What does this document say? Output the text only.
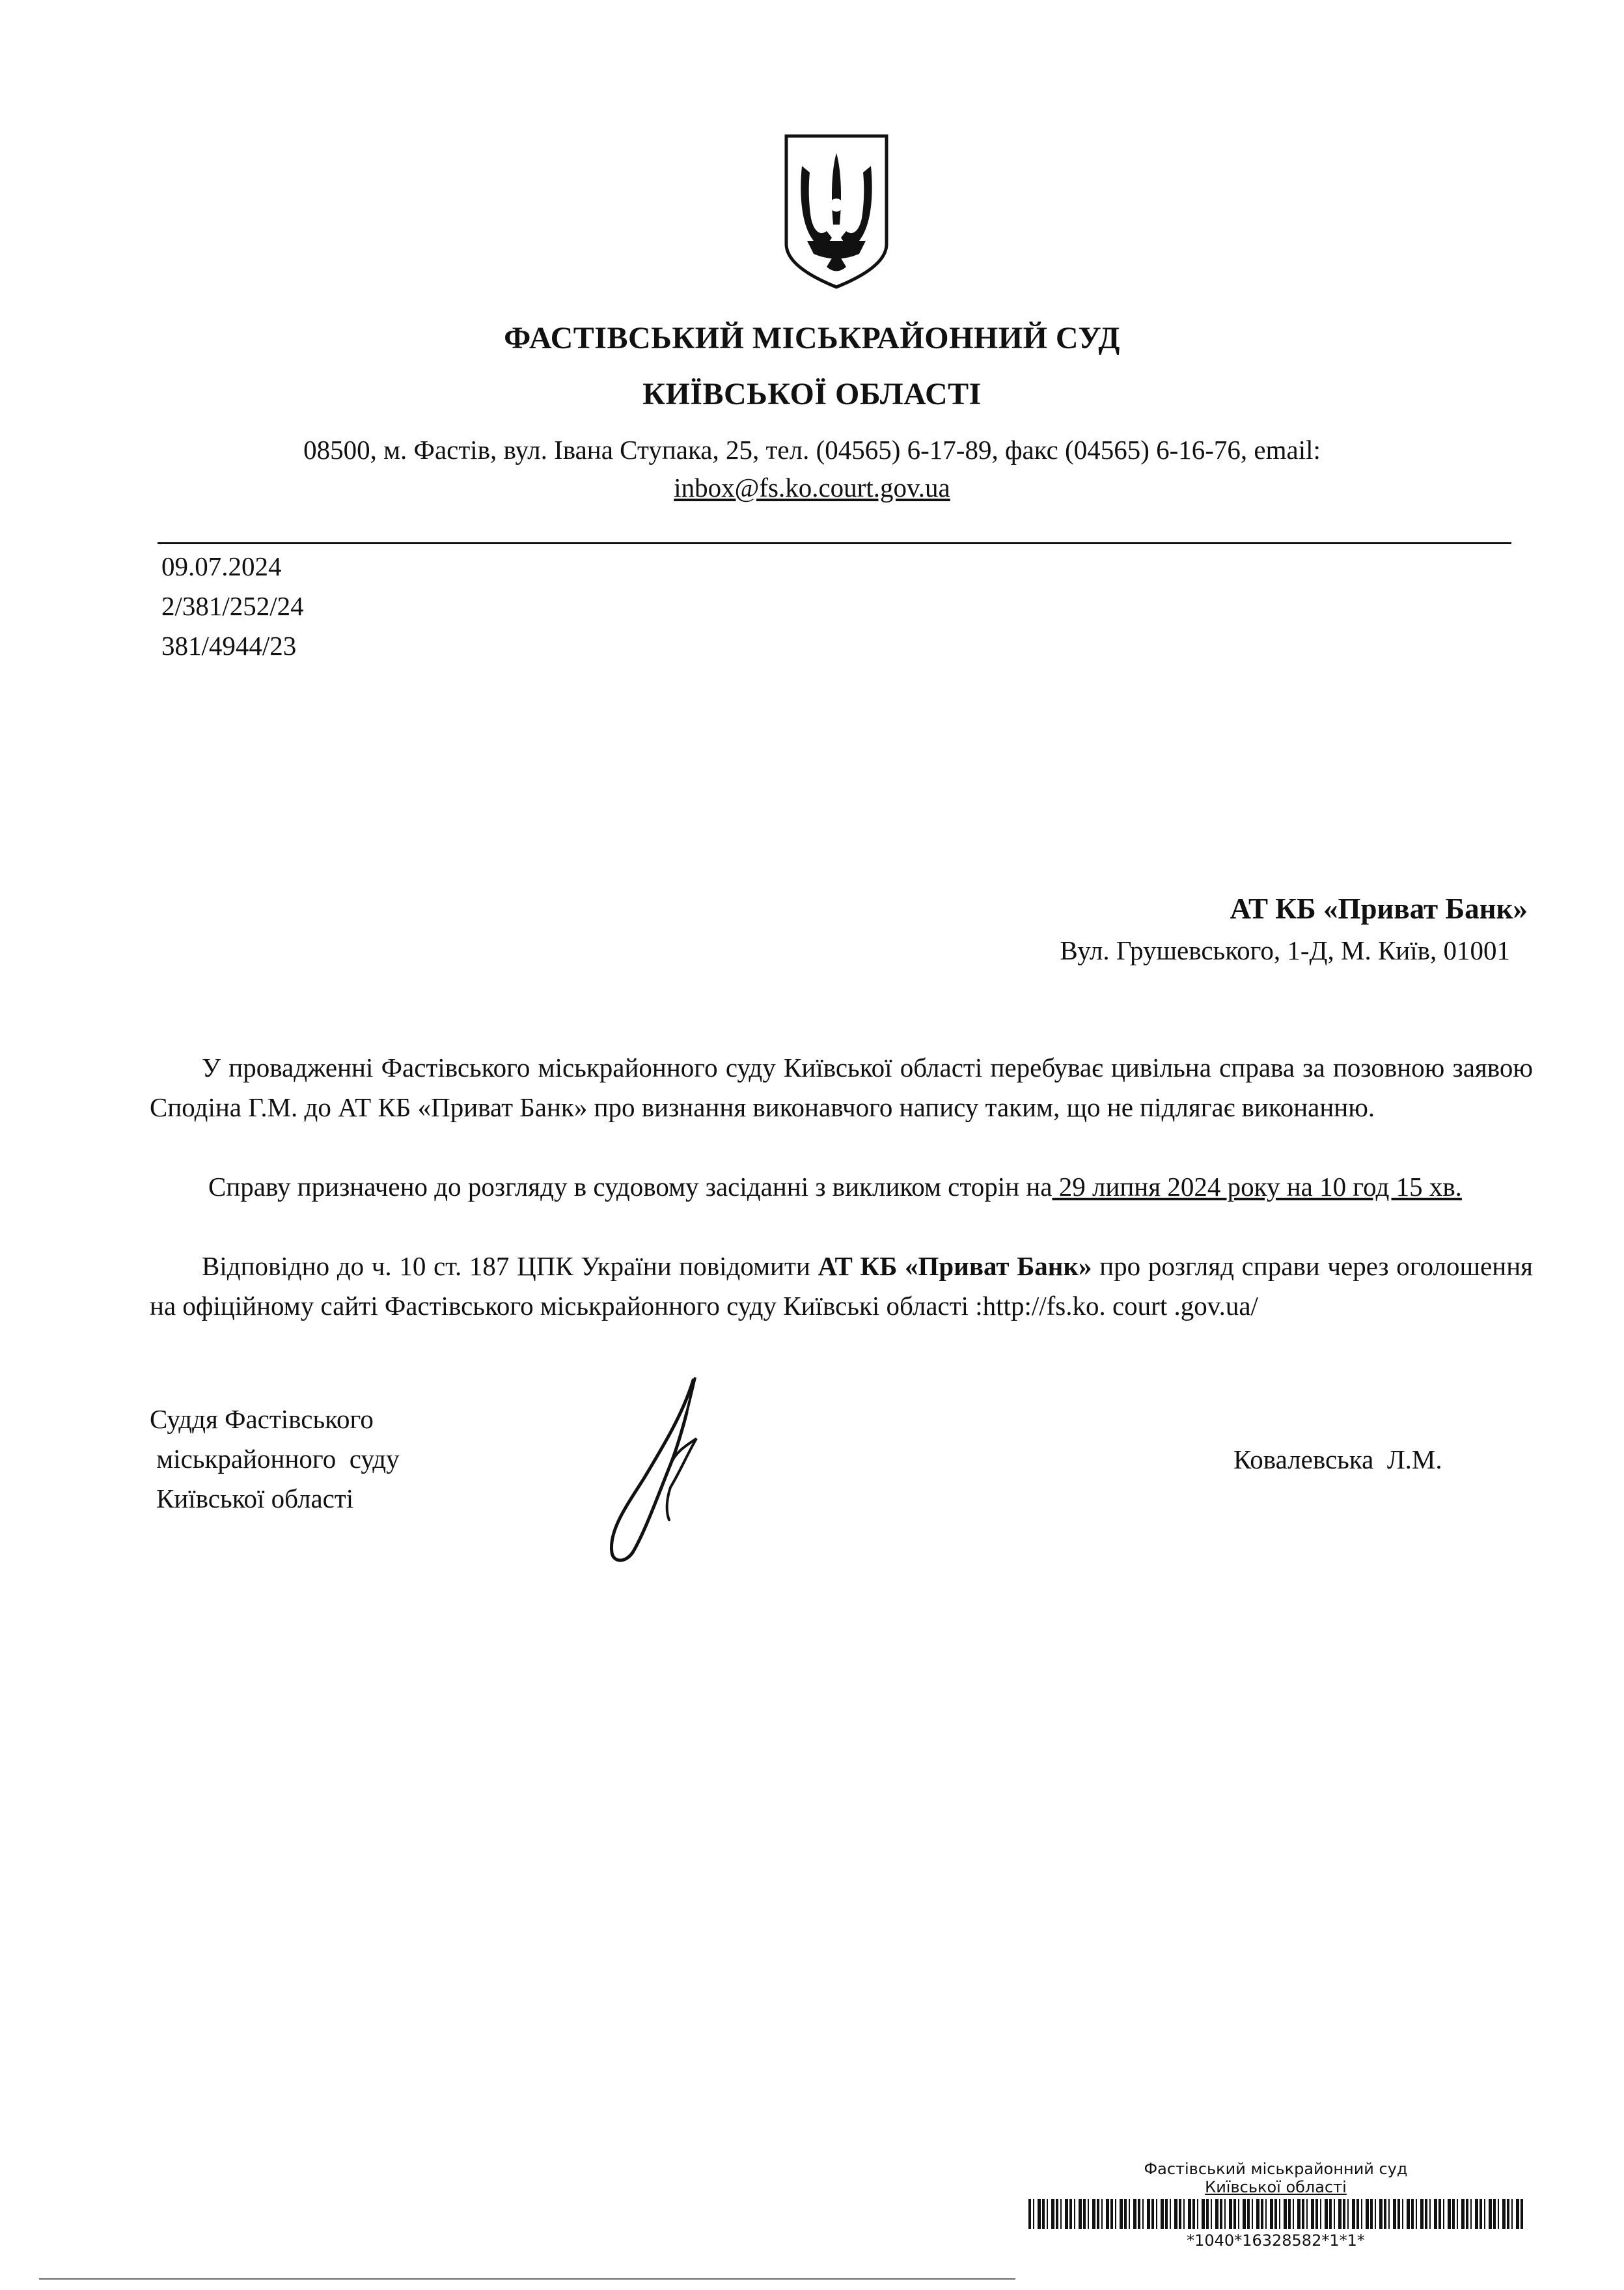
ФАСТІВСЬКИЙ МІСЬКРАЙОННИЙ СУД
КИЇВСЬКОЇ ОБЛАСТІ
08500, м. Фастів, вул. Івана Ступака, 25, тел. (04565) 6-17-89, факс (04565) 6-16-76, email:
inbox@fs.ko.court.gov.ua
09.07.2024
2/381/252/24
381/4944/23
АТ КБ «Приват Банк»
Вул. Грушевського, 1-Д, М. Київ, 01001
У провадженні Фастівського міськрайонного суду Київської області перебуває цивільна справа за позовною заявою Сподіна Г.М. до АТ КБ «Приват Банк» про визнання виконавчого напису таким, що не підлягає виконанню.
Справу призначено до розгляду в судовому засіданні з викликом сторін на 29 липня 2024 року на 10 год 15 хв.
Відповідно до ч. 10 ст. 187 ЦПК України повідомити АТ КБ «Приват Банк» про розгляд справи через оголошення на офіційному сайті Фастівського міськрайонного суду Київські області :http://fs.ko. court .gov.ua/
Суддя Фастівського
міськрайонного  суду
Київської області
Ковалевська  Л.М.
Фастівський міськрайонний суд
Київської області
*1040*16328582*1*1*
